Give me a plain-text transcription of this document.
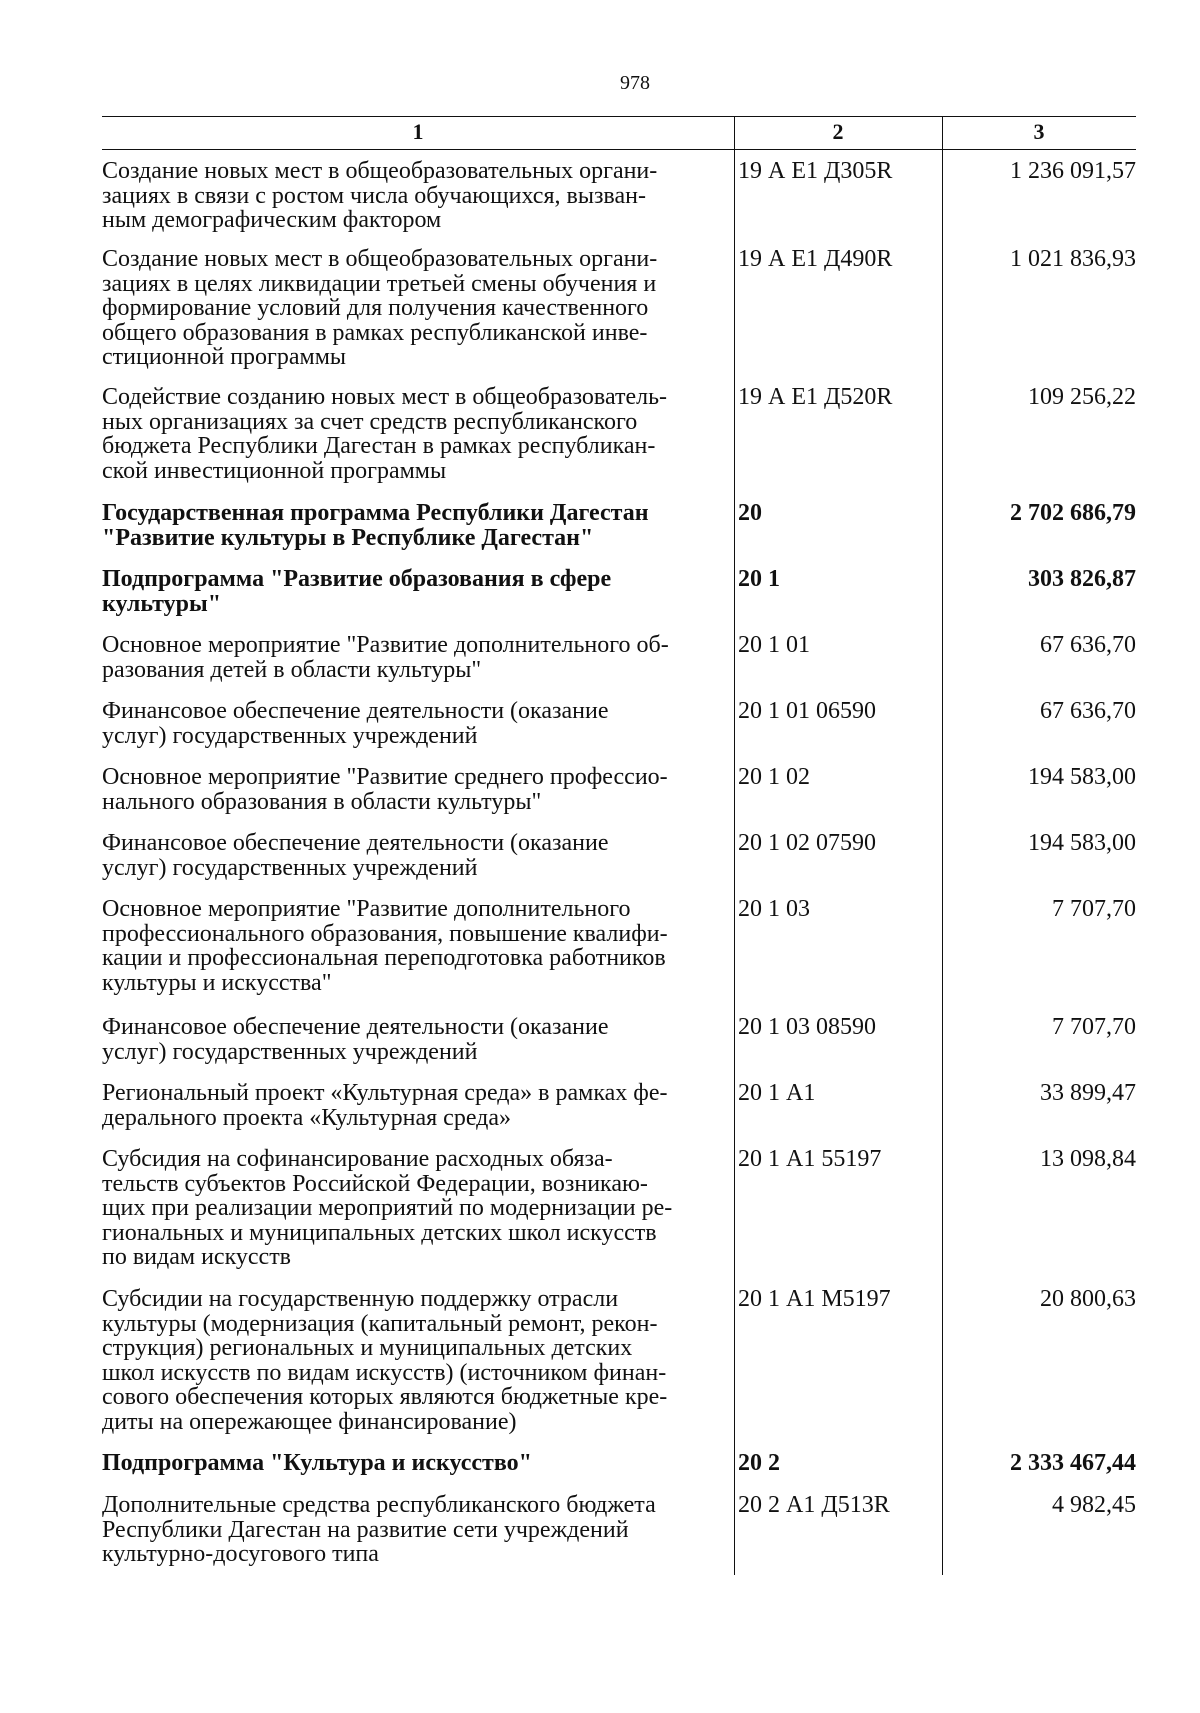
978
1	2	3
Создание новых мест в общеобразовательных органи-
зациях в связи с ростом числа обучающихся, вызван-
ным демографическим фактором
19 А Е1 Д305R	1 236 091,57
Создание новых мест в общеобразовательных органи-
зациях в целях ликвидации третьей смены обучения и
формирование условий для получения качественного
общего образования в рамках республиканской инве-
стиционной программы
19 А Е1 Д490R	1 021 836,93
Содействие созданию новых мест в общеобразователь-
ных организациях за счет средств республиканского
бюджета Республики Дагестан в рамках республикан-
ской инвестиционной программы
19 А Е1 Д520R	109 256,22
Государственная программа Республики Дагестан
"Развитие культуры в Республике Дагестан"
20	2 702 686,79
Подпрограмма "Развитие образования в сфере
культуры"
20 1	303 826,87
Основное мероприятие "Развитие дополнительного об-
разования детей в области культуры"
20 1 01	67 636,70
Финансовое обеспечение деятельности (оказание
услуг) государственных учреждений
20 1 01 06590	67 636,70
Основное мероприятие "Развитие среднего профессио-
нального образования в области культуры"
20 1 02	194 583,00
Финансовое обеспечение деятельности (оказание
услуг) государственных учреждений
20 1 02 07590	194 583,00
Основное мероприятие "Развитие дополнительного
профессионального образования, повышение квалифи-
кации и профессиональная переподготовка работников
культуры и искусства"
20 1 03	7 707,70
Финансовое обеспечение деятельности (оказание
услуг) государственных учреждений
20 1 03 08590	7 707,70
Региональный проект «Культурная среда» в рамках фе-
дерального проекта «Культурная среда»
20 1 А1	33 899,47
Субсидия на софинансирование расходных обяза-
тельств субъектов Российской Федерации, возникаю-
щих при реализации мероприятий по модернизации ре-
гиональных и муниципальных детских школ искусств
по видам искусств
20 1 А1 55197	13 098,84
Субсидии на государственную поддержку отрасли
культуры (модернизация (капитальный ремонт, рекон-
струкция) региональных и муниципальных детских
школ искусств по видам искусств) (источником финан-
сового обеспечения которых являются бюджетные кре-
диты на опережающее финансирование)
20 1 А1 М5197	20 800,63
Подпрограмма "Культура и искусство"	20 2	2 333 467,44
Дополнительные средства республиканского бюджета
Республики Дагестан на развитие сети учреждений
культурно-досугового типа
20 2 А1 Д513R	4 982,45
